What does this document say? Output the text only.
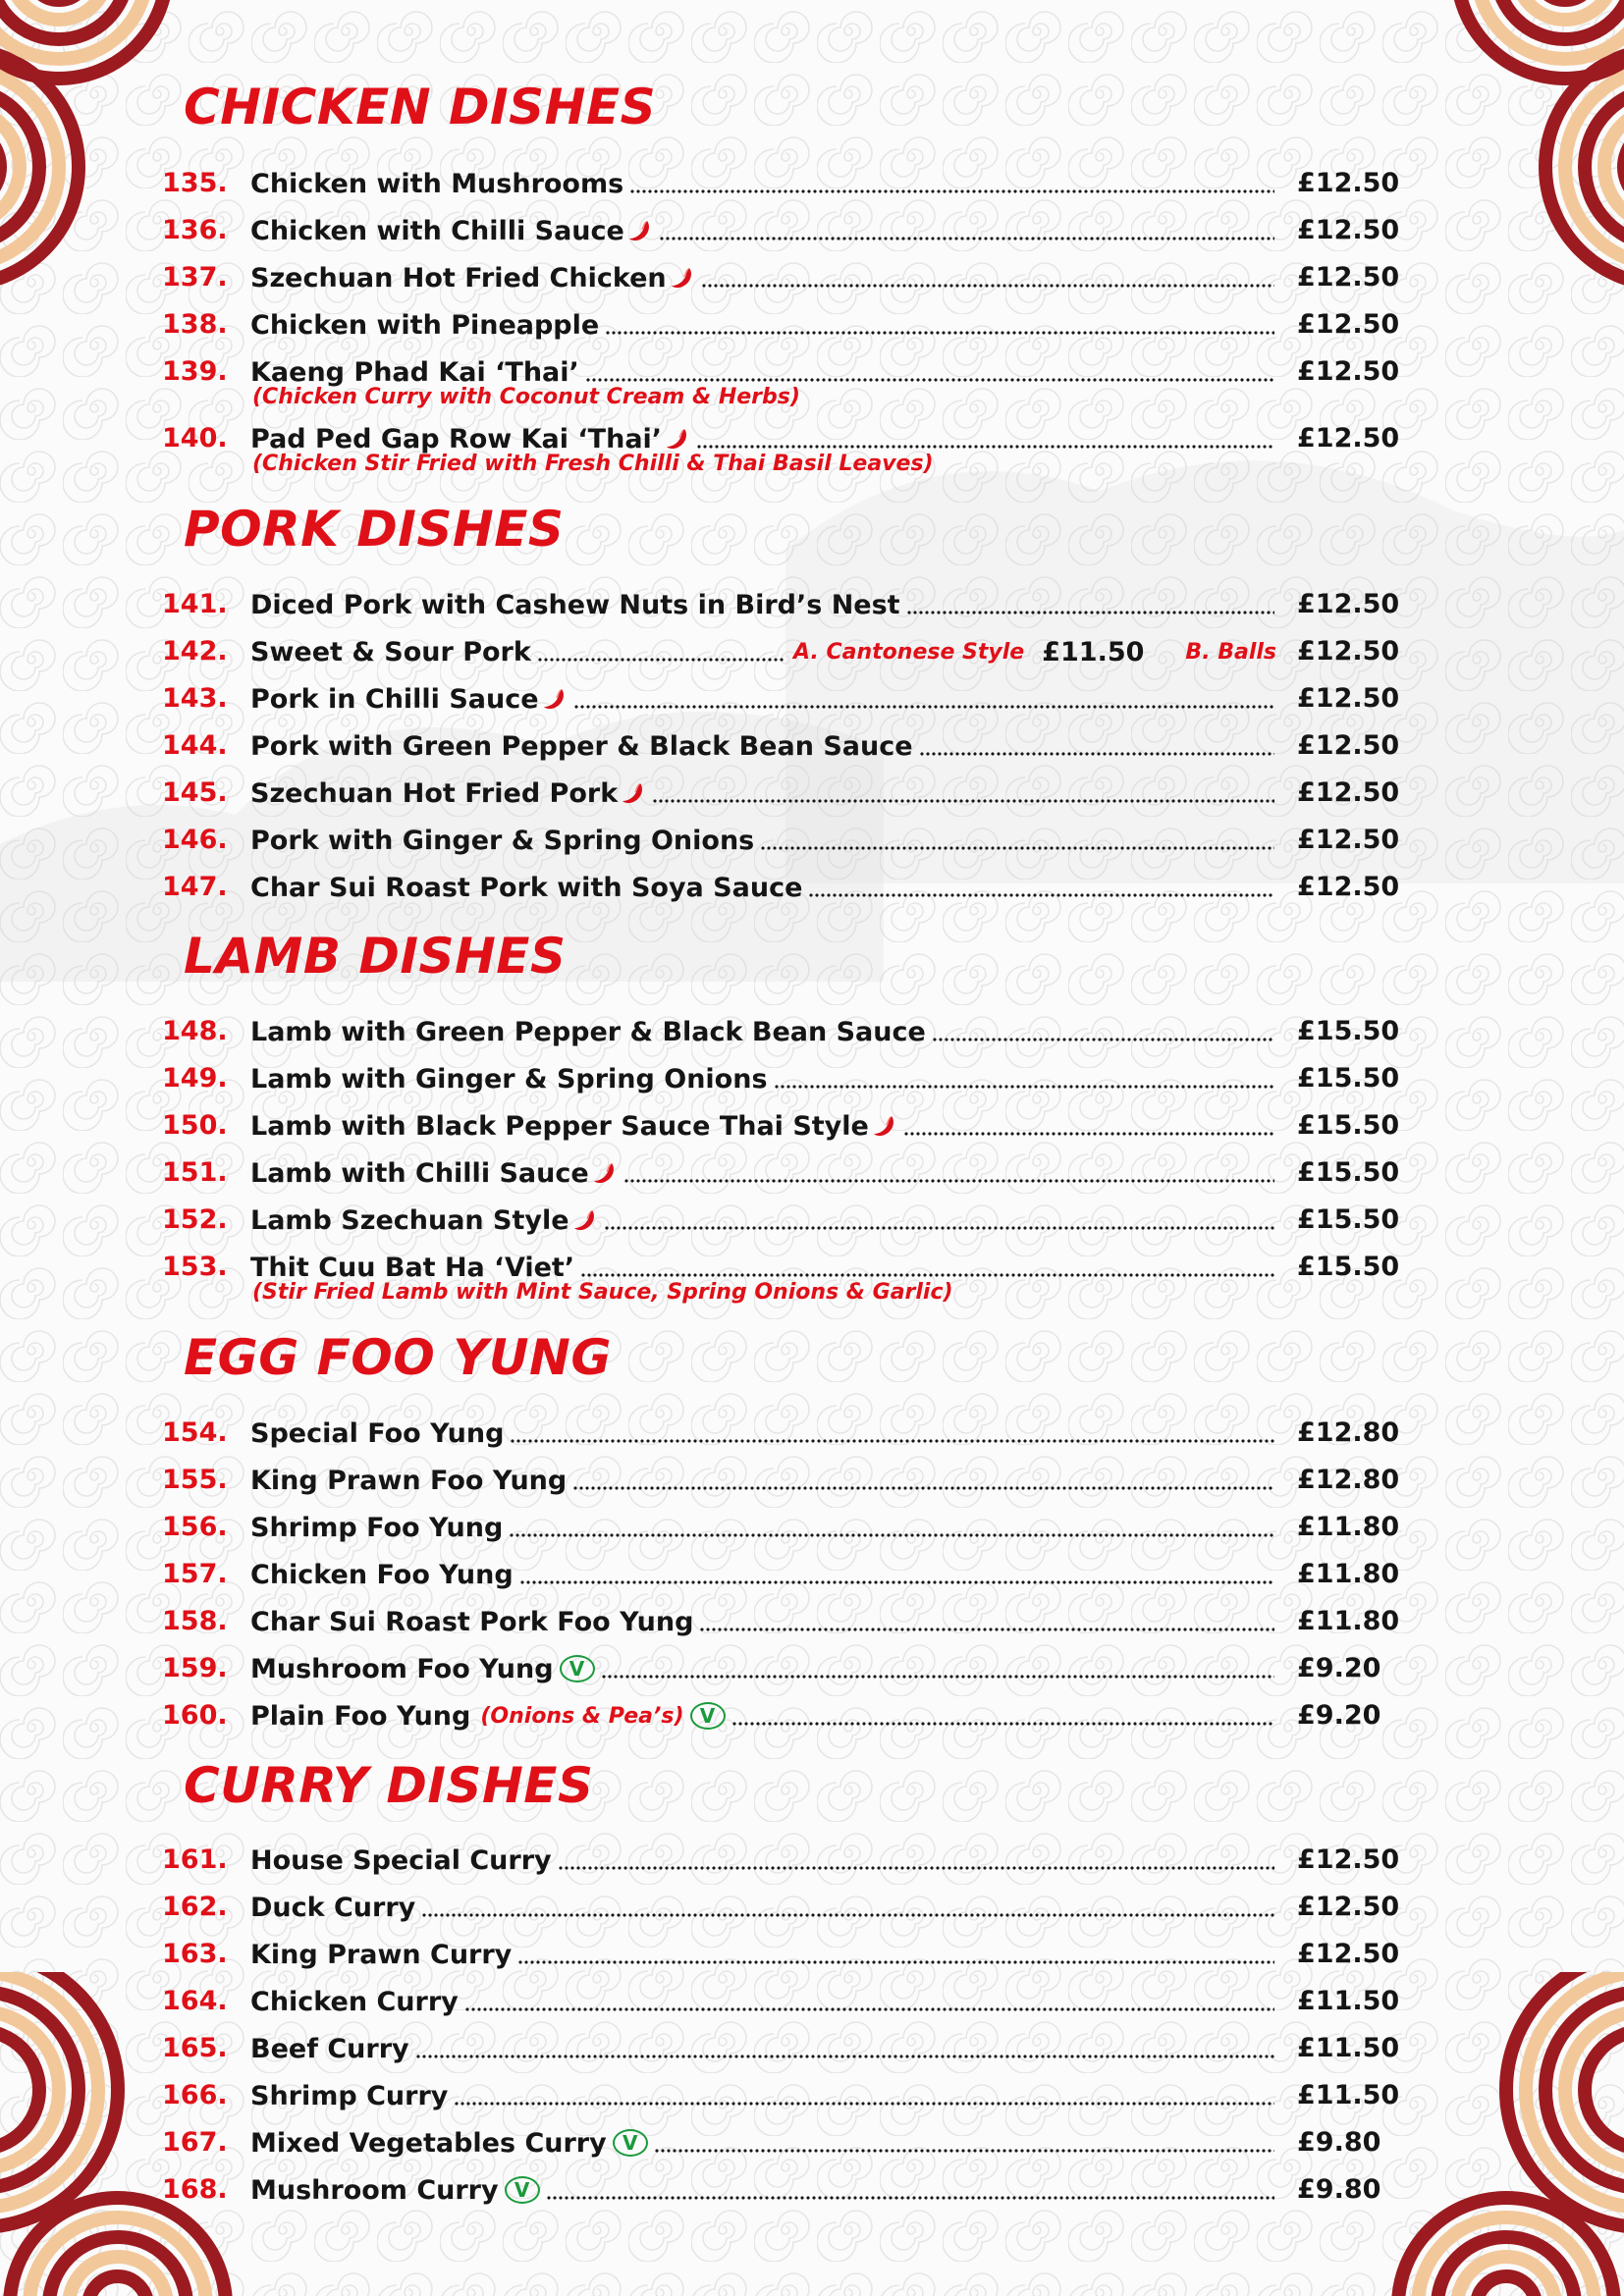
CHICKEN DISHES
135. Chicken with Mushrooms	£12.50
136. Chicken with Chilli Sauce	£12.50
137. Szechuan Hot Fried Chicken	£12.50
138. Chicken with Pineapple	£12.50
139. Kaeng Phad Kai ‘Thai’	£12.50

(Chicken Curry with Coconut Cream & Herbs)

140. Pad Ped Gap Row Kai ‘Thai’	£12.50

(Chicken Stir Fried with Fresh Chilli & Thai Basil Leaves)

PORK DISHES
141. Diced Pork with Cashew Nuts in Bird’s Nest	£12.50
142. Sweet & Sour Pork	A. Cantonese Style £11.50 B. Balls £12.50
143. Pork in Chilli Sauce	£12.50
144. Pork with Green Pepper & Black Bean Sauce	£12.50
145. Szechuan Hot Fried Pork	£12.50
146. Pork with Ginger & Spring Onions	£12.50
147. Char Sui Roast Pork with Soya Sauce	£12.50
LAMB DISHES
148. Lamb with Green Pepper & Black Bean Sauce	£15.50
149. Lamb with Ginger & Spring Onions	£15.50
150. Lamb with Black Pepper Sauce Thai Style	£15.50
151. Lamb with Chilli Sauce	£15.50
152. Lamb Szechuan Style	£15.50
153. Thit Cuu Bat Ha ‘Viet’	£15.50

(Stir Fried Lamb with Mint Sauce, Spring Onions & Garlic)

EGG FOO YUNG
154. Special Foo Yung	£12.80
155. King Prawn Foo Yung	£12.80
156. Shrimp Foo Yung	£11.80
157. Chicken Foo Yung	£11.80
158. Char Sui Roast Pork Foo Yung	£11.80
159. Mushroom Foo Yung V	£9.20
160. Plain Foo Yung (Onions & Pea’s) V	£9.20
CURRY DISHES
161. House Special Curry	£12.50
162. Duck Curry	£12.50
163. King Prawn Curry	£12.50
164. Chicken Curry	£11.50
165. Beef Curry	£11.50
166. Shrimp Curry	£11.50
167. Mixed Vegetables Curry V	£9.80
168. Mushroom Curry V	£9.80
